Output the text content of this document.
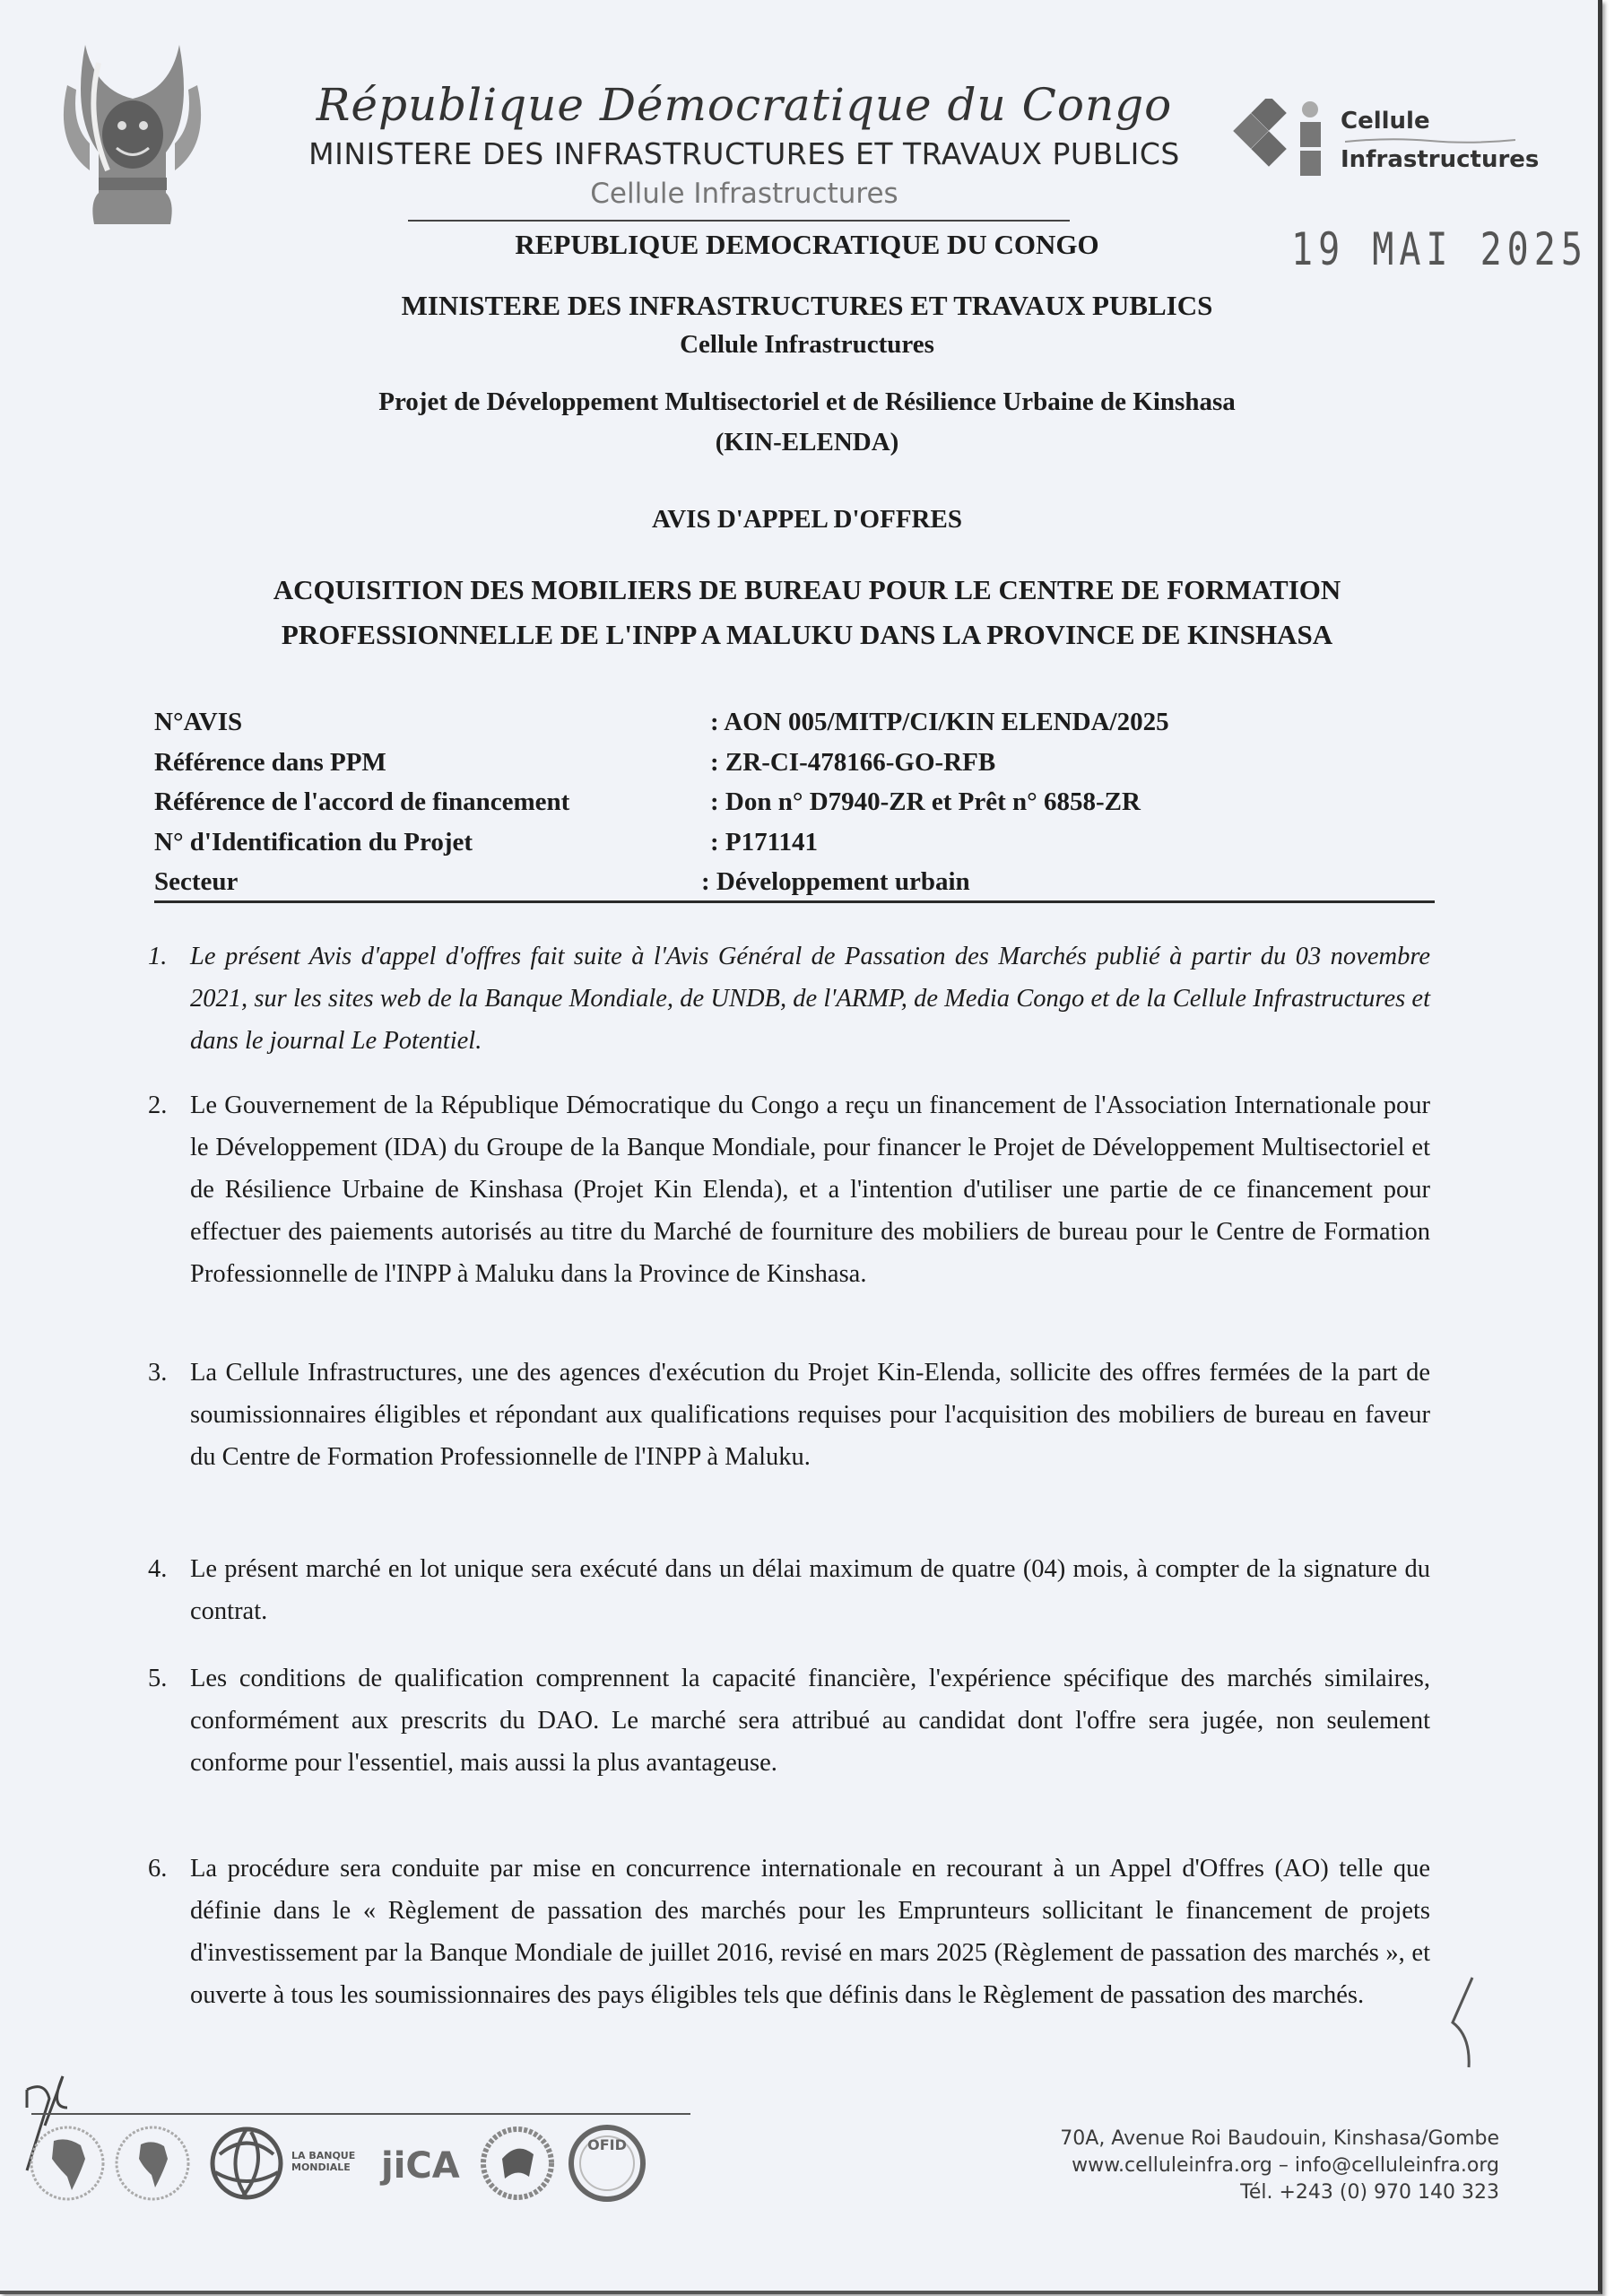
République Démocratique du Congo
MINISTERE DES INFRASTRUCTURES ET TRAVAUX PUBLICS
Cellule Infrastructures
Cellule
Infrastructures
19 MAI 2025
REPUBLIQUE DEMOCRATIQUE DU CONGO
MINISTERE DES INFRASTRUCTURES ET TRAVAUX PUBLICS
Cellule Infrastructures
Projet de Développement Multisectoriel et de Résilience Urbaine de Kinshasa
(KIN-ELENDA)
AVIS D'APPEL D'OFFRES
ACQUISITION DES MOBILIERS DE BUREAU POUR LE CENTRE DE FORMATION
PROFESSIONNELLE DE L'INPP A MALUKU DANS LA PROVINCE DE KINSHASA
N°AVIS	: AON 005/MITP/CI/KIN ELENDA/2025
Référence dans PPM	: ZR-CI-478166-GO-RFB
Référence de l'accord de financement	: Don n° D7940-ZR et Prêt n° 6858-ZR
N° d'Identification du Projet	: P171141
Secteur	: Développement urbain
1. Le présent Avis d'appel d'offres fait suite à l'Avis Général de Passation des Marchés publié à partir du 03 novembre 2021, sur les sites web de la Banque Mondiale, de UNDB, de l'ARMP, de Media Congo et de la Cellule Infrastructures et dans le journal Le Potentiel.
2. Le Gouvernement de la République Démocratique du Congo a reçu un financement de l'Association Internationale pour le Développement (IDA) du Groupe de la Banque Mondiale, pour financer le Projet de Développement Multisectoriel et de Résilience Urbaine de Kinshasa (Projet Kin Elenda), et a l'intention d'utiliser une partie de ce financement pour effectuer des paiements autorisés au titre du Marché de fourniture des mobiliers de bureau pour le Centre de Formation Professionnelle de l'INPP à Maluku dans la Province de Kinshasa.
3. La Cellule Infrastructures, une des agences d'exécution du Projet Kin-Elenda, sollicite des offres fermées de la part de soumissionnaires éligibles et répondant aux qualifications requises pour l'acquisition des mobiliers de bureau en faveur du Centre de Formation Professionnelle de l'INPP à Maluku.
4. Le présent marché en lot unique sera exécuté dans un délai maximum de quatre (04) mois, à compter de la signature du contrat.
5. Les conditions de qualification comprennent la capacité financière, l'expérience spécifique des marchés similaires, conformément aux prescrits du DAO. Le marché sera attribué au candidat dont l'offre sera jugée, non seulement conforme pour l'essentiel, mais aussi la plus avantageuse.
6. La procédure sera conduite par mise en concurrence internationale en recourant à un Appel d'Offres (AO) telle que définie dans le « Règlement de passation des marchés pour les Emprunteurs sollicitant le financement de projets d'investissement par la Banque Mondiale de juillet 2016, revisé en mars 2025 (Règlement de passation des marchés », et ouverte à tous les soumissionnaires des pays éligibles tels que définis dans le Règlement de passation des marchés.
LA BANQUE
MONDIALE jiCA
OFID	70A, Avenue Roi Baudouin, Kinshasa/Gombe
www.celluleinfra.org – info@celluleinfra.org
Tél. +243 (0) 970 140 323
